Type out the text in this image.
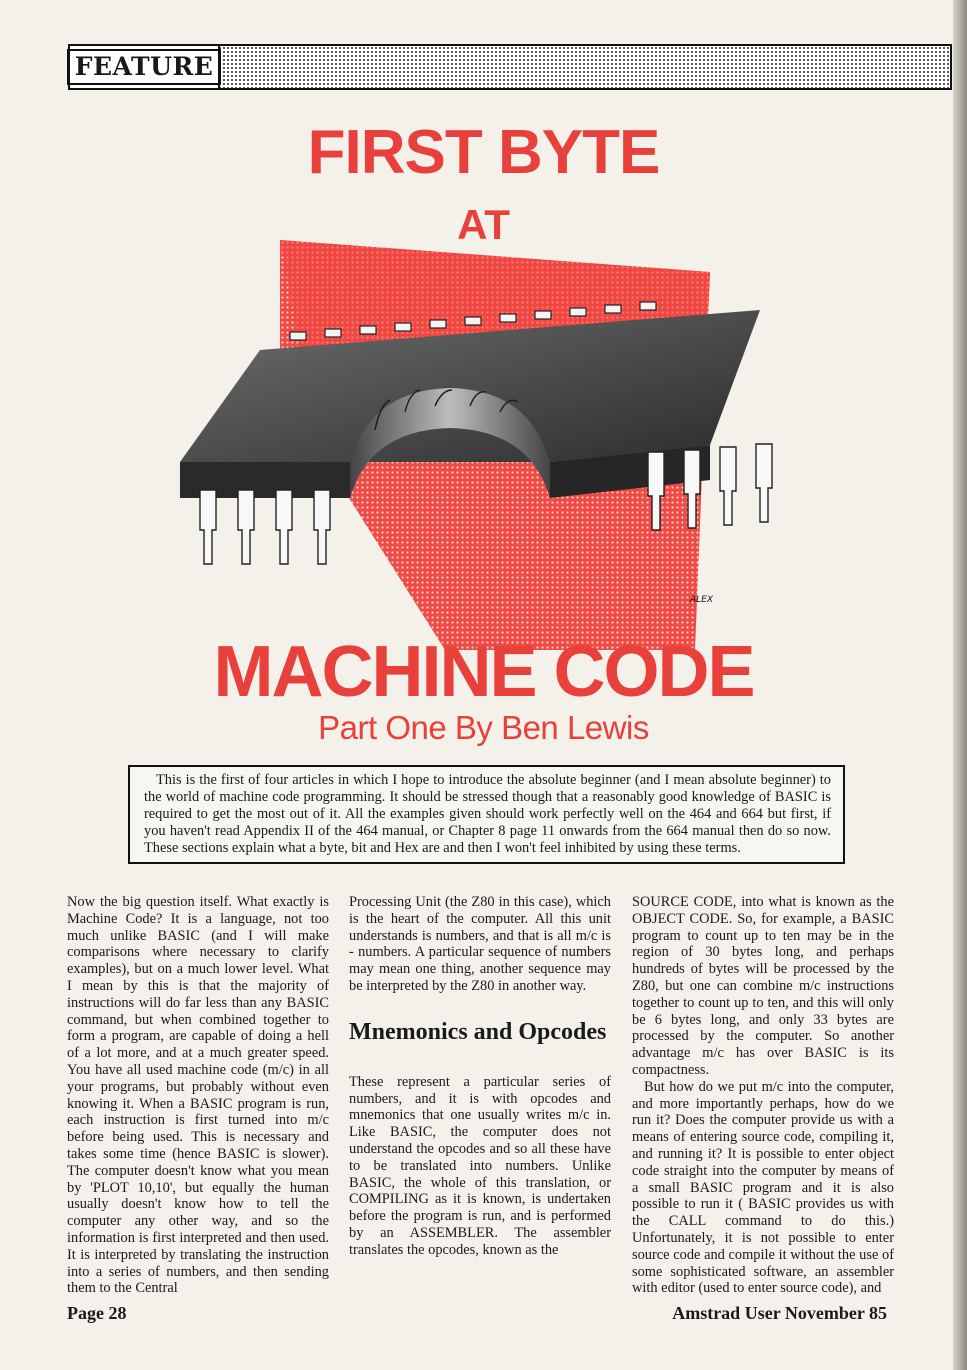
FEATURE
FIRST BYTE
AT
ALEX
MACHINE CODE
Part One By Ben Lewis

This is the first of four articles in which I hope to introduce the absolute beginner (and I mean absolute beginner) to the world of machine code programming. It should be stressed though that a reasonably good knowledge of BASIC is required to get the most out of it. All the examples given should work perfectly well on the 464 and 664 but first, if you haven't read Appendix II of the 464 manual, or Chapter 8 page 11 onwards from the 664 manual then do so now. These sections explain what a byte, bit and Hex are and then I won't feel inhibited by using these terms.

Now the big question itself. What exactly is Machine Code? It is a language, not too much unlike BASIC (and I will make comparisons where necessary to clarify examples), but on a much lower level. What I mean by this is that the majority of instructions will do far less than any BASIC command, but when combined together to form a program, are capable of doing a hell of a lot more, and at a much greater speed. You have all used machine code (m/c) in all your programs, but probably without even knowing it. When a BASIC program is run, each instruction is first turned into m/c before being used. This is necessary and takes some time (hence BASIC is slower). The computer doesn't know what you mean by 'PLOT 10,10', but equally the human usually doesn't know how to tell the computer any other way, and so the information is first interpreted and then used. It is interpreted by translating the instruction into a series of numbers, and then sending them to the Central

Processing Unit (the Z80 in this case), which is the heart of the computer. All this unit understands is numbers, and that is all m/c is - numbers. A particular sequence of numbers may mean one thing, another sequence may be interpreted by the Z80 in another way.

Mnemonics and Opcodes

These represent a particular series of numbers, and it is with opcodes and mnemonics that one usually writes m/c in. Like BASIC, the computer does not understand the opcodes and so all these have to be translated into numbers. Unlike BASIC, the whole of this translation, or COMPILING as it is known, is undertaken before the program is run, and is performed by an ASSEMBLER. The assembler translates the opcodes, known as the

SOURCE CODE, into what is known as the OBJECT CODE. So, for example, a BASIC program to count up to ten may be in the region of 30 bytes long, and perhaps hundreds of bytes will be processed by the Z80, but one can combine m/c instructions together to count up to ten, and this will only be 6 bytes long, and only 33 bytes are processed by the computer. So another advantage m/c has over BASIC is its compactness.

But how do we put m/c into the computer, and more importantly perhaps, how do we run it? Does the computer provide us with a means of entering source code, compiling it, and running it? It is possible to enter object code straight into the computer by means of a small BASIC program and it is also possible to run it ( BASIC provides us with the CALL command to do this.) Unfortunately, it is not possible to enter source code and compile it without the use of some sophisticated software, an assembler with editor (used to enter source code), and

Page 28	Amstrad User November 85
